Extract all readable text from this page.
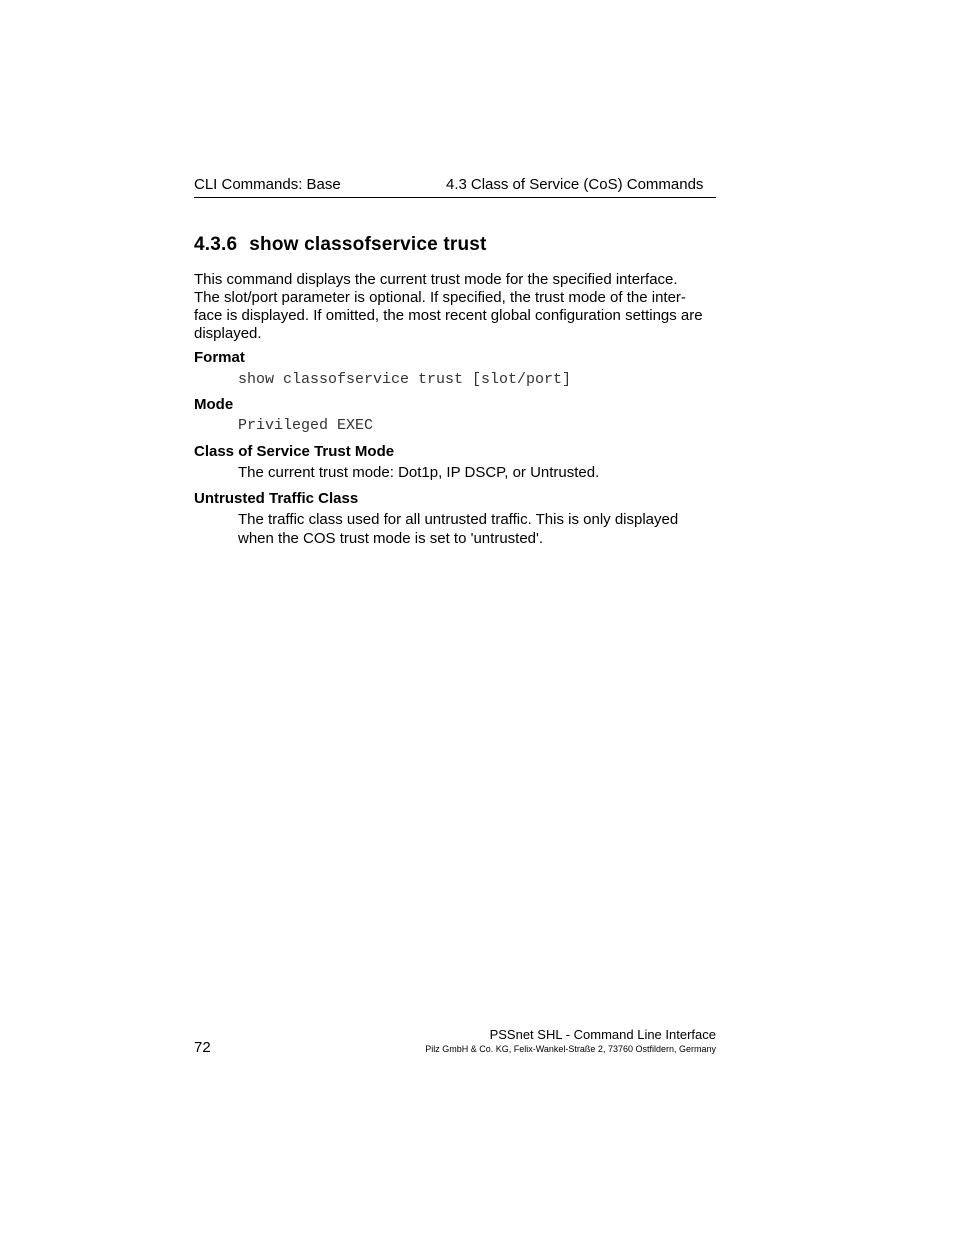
CLI Commands: Base	4.3 Class of Service (CoS) Commands
4.3.6 show classofservice trust
This command displays the current trust mode for the specified interface.
The slot/port parameter is optional. If specified, the trust mode of the inter-
face is displayed. If omitted, the most recent global configuration settings are
displayed.
Format
show classofservice trust [slot/port]
Mode
Privileged EXEC
Class of Service Trust Mode
The current trust mode: Dot1p, IP DSCP, or Untrusted.
Untrusted Traffic Class
The traffic class used for all untrusted traffic. This is only displayed
when the COS trust mode is set to 'untrusted'.
72
PSSnet SHL - Command Line Interface
Pilz GmbH & Co. KG, Felix-Wankel-Straße 2, 73760 Ostfildern, Germany
